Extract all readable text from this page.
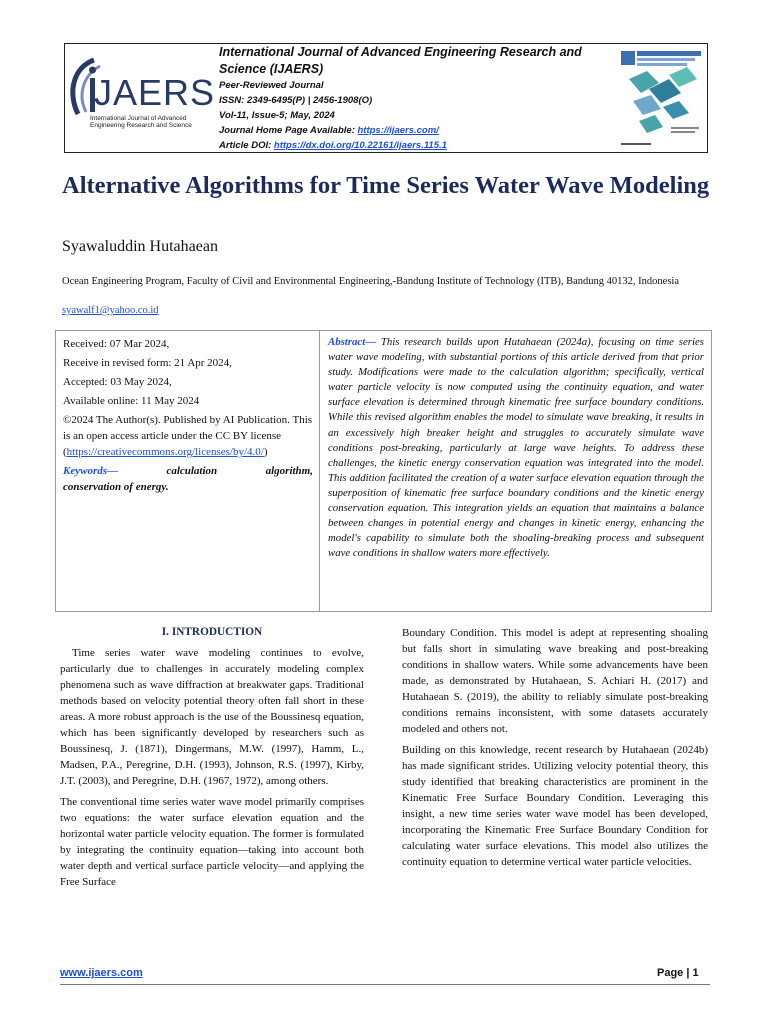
JAERS
International Journal of Advanced Engineering Research and Science
International Journal of Advanced Engineering Research and Science (IJAERS)
Peer-Reviewed Journal
ISSN: 2349-6495(P) | 2456-1908(O)
Vol-11, Issue-5; May, 2024
Journal Home Page Available: https://ijaers.com/
Article DOI: https://dx.doi.org/10.22161/ijaers.115.1
Alternative Algorithms for Time Series Water Wave Modeling
Syawaluddin Hutahaean
Ocean Engineering Program, Faculty of Civil and Environmental Engineering,-Bandung Institute of Technology (ITB), Bandung 40132, Indonesia
syawalf1@yahoo.co.id

Received: 07 Mar 2024,

Receive in revised form: 21 Apr 2024,

Accepted: 03 May 2024,

Available online: 11 May 2024

©2024 The Author(s). Published by AI Publication. This is an open access article under the CC BY license (https://creativecommons.org/licenses/by/4.0/)

Keywords—	calculation	algorithm,
conservation of energy.
Abstract— This research builds upon Hutahaean (2024a), focusing on time series water wave modeling, with substantial portions of this article derived from that prior study. Modifications were made to the calculation algorithm; specifically, vertical water particle velocity is now computed using the continuity equation, and water surface elevation is determined through kinematic free surface boundary conditions. While this revised algorithm enables the model to simulate wave breaking, it results in an excessively high breaker height and struggles to accurately simulate wave conditions post-breaking, particularly at large wave heights. To address these challenges, the kinetic energy conservation equation was integrated into the model. This addition facilitated the creation of a water surface elevation equation through the superposition of kinematic free surface boundary conditions and the kinetic energy conservation equation. This integration yields an equation that maintains a balance between changes in potential energy and changes in kinetic energy, enhancing the model's capability to simulate both the shoaling-breaking process and subsequent wave conditions in shallow waters more effectively.
I. INTRODUCTION

Time series water wave modeling continues to evolve, particularly due to challenges in accurately modeling complex phenomena such as wave diffraction at breakwater gaps. Traditional methods based on velocity potential theory often fall short in these areas. A more robust approach is the use of the Boussinesq equation, which has been significantly developed by researchers such as Boussinesq, J. (1871), Dingermans, M.W. (1997), Hamm, L., Madsen, P.A., Peregrine, D.H. (1993), Johnson, R.S. (1997), Kirby, J.T. (2003), and Peregrine, D.H. (1967, 1972), among others.

The conventional time series water wave model primarily comprises two equations: the water surface elevation equation and the horizontal water particle velocity equation. The former is formulated by integrating the continuity equation—taking into account both water depth and vertical surface particle velocity—and applying the Free Surface

Boundary Condition. This model is adept at representing shoaling but falls short in simulating wave breaking and post-breaking conditions in shallow waters. While some advancements have been made, as demonstrated by Hutahaean, S. Achiari H. (2017) and Hutahaean S. (2019), the ability to reliably simulate post-breaking conditions remains inconsistent, with some datasets accurately modeled and others not.

Building on this knowledge, recent research by Hutahaean (2024b) has made significant strides. Utilizing velocity potential theory, this study identified that breaking characteristics are prominent in the Kinematic Free Surface Boundary Condition. Leveraging this insight, a new time series water wave model has been developed, incorporating the Kinematic Free Surface Boundary Condition for calculating water surface elevations. This model also utilizes the continuity equation to determine vertical water particle velocities.

www.ijaers.com	Page | 1
